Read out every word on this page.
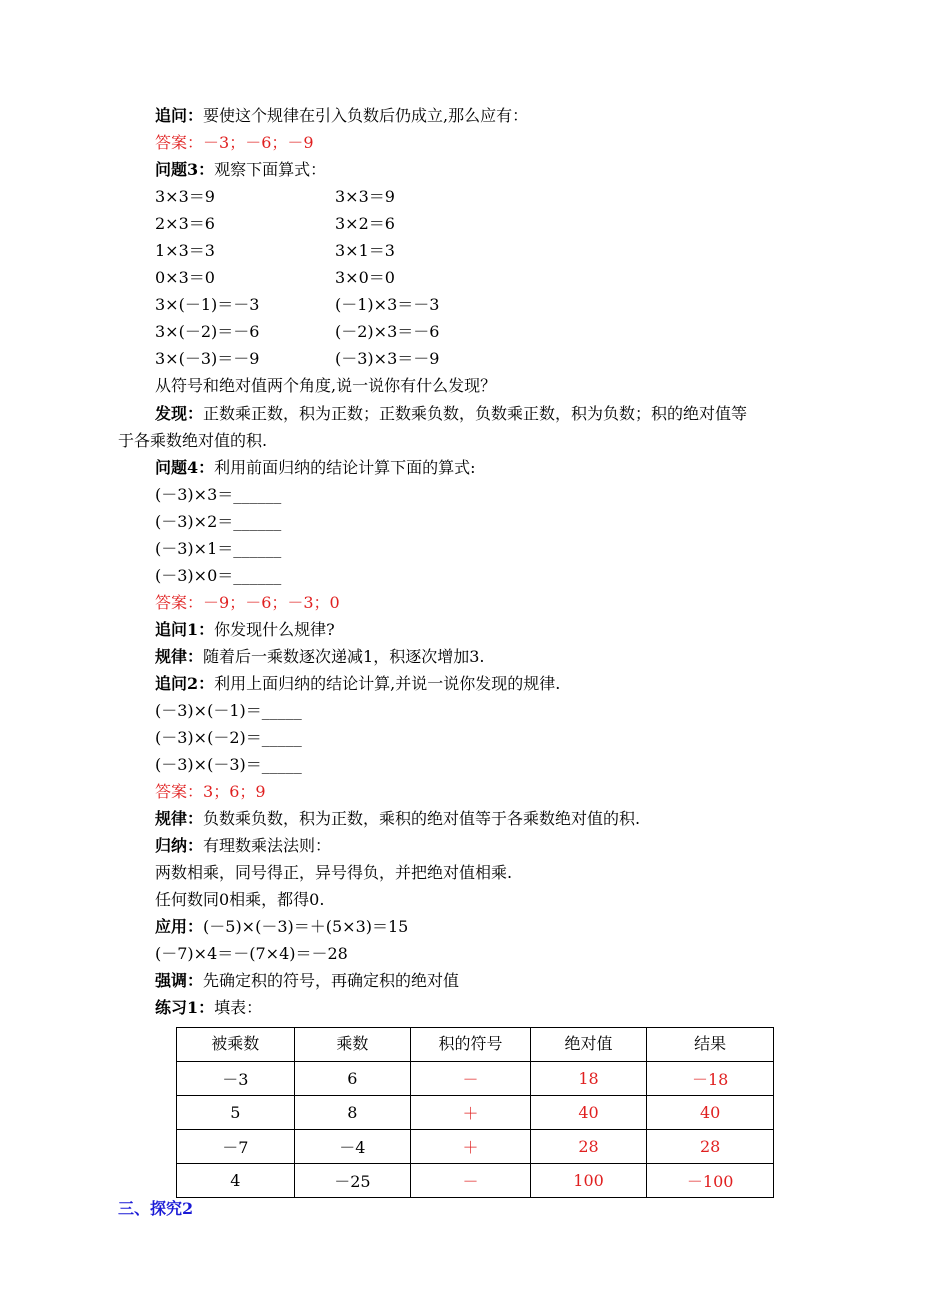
追问：要使这个规律在引入负数后仍成立,那么应有：
答案：－3；－6；－9
问题3：观察下面算式：
3×3＝9	3×3＝9
2×3＝6	3×2＝6
1×3＝3	3×1＝3
0×3＝0	3×0＝0
3×(－1)＝－3	(－1)×3＝－3
3×(－2)＝－6	(－2)×3＝－6
3×(－3)＝－9	(－3)×3＝－9
从符号和绝对值两个角度,说一说你有什么发现？
发现：正数乘正数，积为正数；正数乘负数，负数乘正数，积为负数；积的绝对值等
于各乘数绝对值的积.
问题4：利用前面归纳的结论计算下面的算式:
(－3)×3＝______
(－3)×2＝______
(－3)×1＝______
(－3)×0＝______
答案：－9；－6；－3；0
追问1：你发现什么规律?
规律：随着后一乘数逐次递减1，积逐次增加3.
追问2：利用上面归纳的结论计算,并说一说你发现的规律.
(－3)×(－1)＝_____
(－3)×(－2)＝_____
(－3)×(－3)＝_____
答案：3；6；9
规律：负数乘负数，积为正数，乘积的绝对值等于各乘数绝对值的积.
归纳：有理数乘法法则：
两数相乘，同号得正，异号得负，并把绝对值相乘.
任何数同0相乘，都得0.
应用：(－5)×(－3)＝＋(5×3)＝15
(－7)×4＝－(7×4)＝－28
强调：先确定积的符号，再确定积的绝对值
练习1：填表：
被乘数	乘数	积的符号	绝对值	结果
－3	6	－	18	－18
5	8	＋	40	40
－7	－4	＋	28	28
4	－25	－	100	－100
三、探究2
